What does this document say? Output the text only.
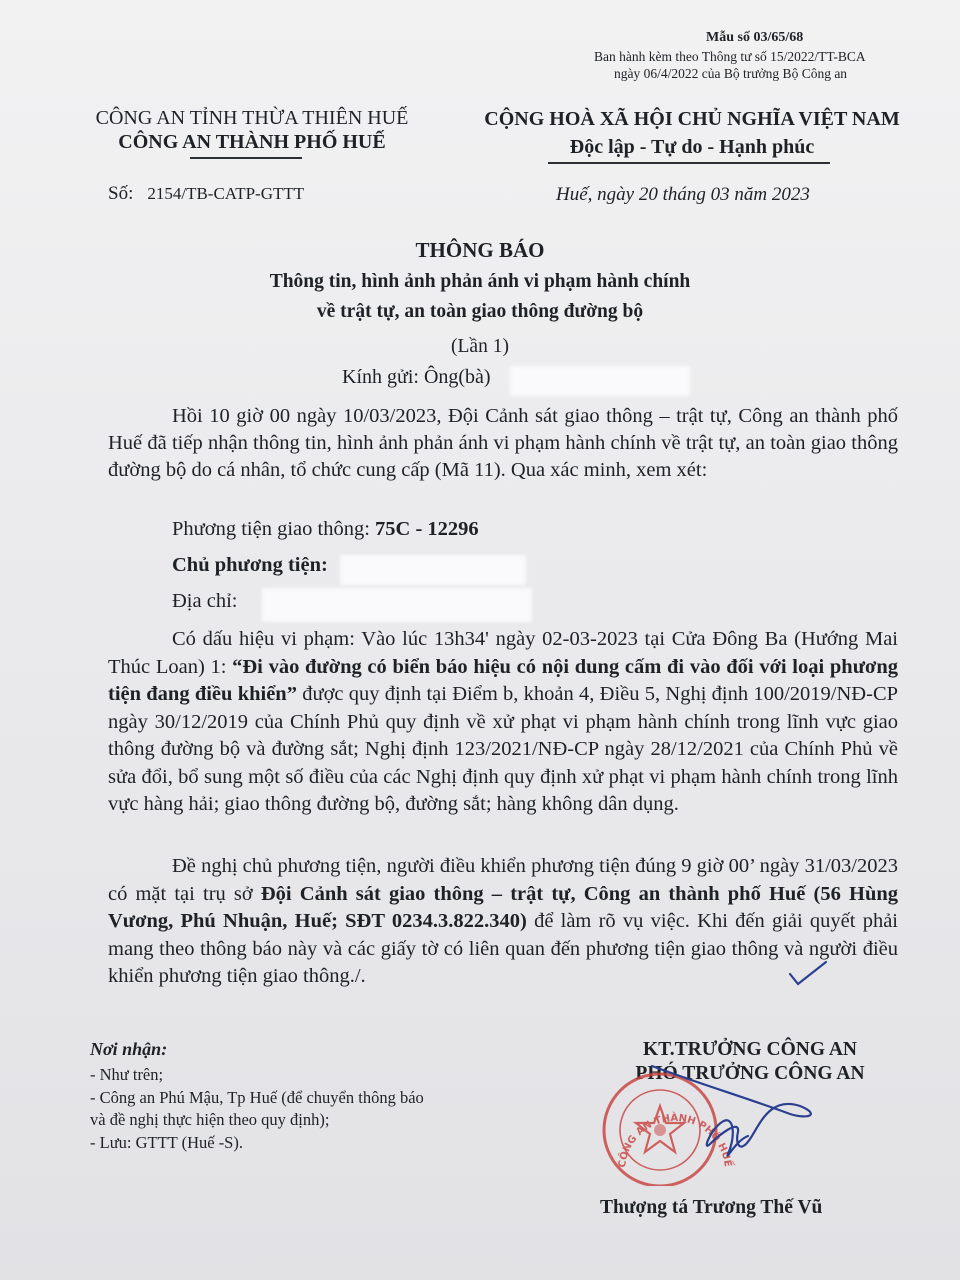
Mẫu số 03/65/68
Ban hành kèm theo Thông tư số 15/2022/TT-BCA
ngày 06/4/2022 của Bộ trưởng Bộ Công an
CÔNG AN TỈNH THỪA THIÊN HUẾ
CÔNG AN THÀNH PHỐ HUẾ
CỘNG HOÀ XÃ HỘI CHỦ NGHĨA VIỆT NAM
Độc lập - Tự do - Hạnh phúc
Số: 2154/TB-CATP-GTTT	Huế, ngày 20 tháng 03 năm 2023
THÔNG BÁO
Thông tin, hình ảnh phản ánh vi phạm hành chính
về trật tự, an toàn giao thông đường bộ
(Lần 1)
Kính gửi: Ông(bà)
Hồi 10 giờ 00 ngày 10/03/2023, Đội Cảnh sát giao thông – trật tự, Công an thành phố Huế đã tiếp nhận thông tin, hình ảnh phản ánh vi phạm hành chính về trật tự, an toàn giao thông đường bộ do cá nhân, tổ chức cung cấp (Mã 11). Qua xác minh, xem xét:
Phương tiện giao thông: 75C - 12296
Chủ phương tiện:
Địa chỉ:
Có dấu hiệu vi phạm: Vào lúc 13h34' ngày 02-03-2023 tại Cửa Đông Ba (Hướng Mai Thúc Loan) 1: “Đi vào đường có biển báo hiệu có nội dung cấm đi vào đối với loại phương tiện đang điều khiển” được quy định tại Điểm b, khoản 4, Điều 5, Nghị định 100/2019/NĐ-CP ngày 30/12/2019 của Chính Phủ quy định về xử phạt vi phạm hành chính trong lĩnh vực giao thông đường bộ và đường sắt; Nghị định 123/2021/NĐ-CP ngày 28/12/2021 của Chính Phủ về sửa đổi, bổ sung một số điều của các Nghị định quy định xử phạt vi phạm hành chính trong lĩnh vực hàng hải; giao thông đường bộ, đường sắt; hàng không dân dụng.
Đề nghị chủ phương tiện, người điều khiển phương tiện đúng 9 giờ 00’ ngày 31/03/2023 có mặt tại trụ sở Đội Cảnh sát giao thông – trật tự, Công an thành phố Huế (56 Hùng Vương, Phú Nhuận, Huế; SĐT 0234.3.822.340) để làm rõ vụ việc. Khi đến giải quyết phải mang theo thông báo này và các giấy tờ có liên quan đến phương tiện giao thông và người điều khiển phương tiện giao thông./.
Nơi nhận:
- Như trên;
- Công an Phú Mậu, Tp Huế (để chuyển thông báo
và đề nghị thực hiện theo quy định);
- Lưu: GTTT (Huế -S).
KT.TRƯỞNG CÔNG AN
PHÓ TRƯỞNG CÔNG AN
CÔNG AN THÀNH PHỐ HUẾ
Thượng tá Trương Thế Vũ
